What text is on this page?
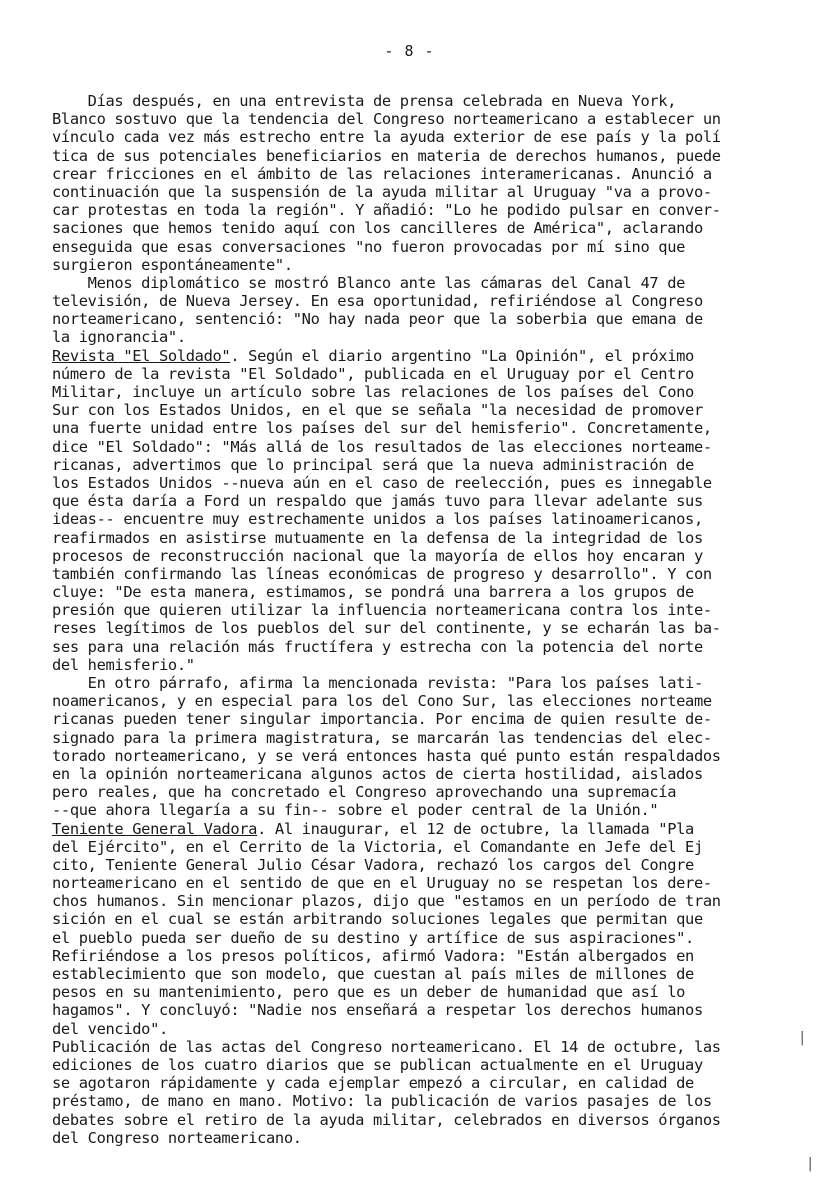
- 8 -
Días después, en una entrevista de prensa celebrada en Nueva York,
Blanco sostuvo que la tendencia del Congreso norteamericano a establecer un
vínculo cada vez más estrecho entre la ayuda exterior de ese país y la polí
tica de sus potenciales beneficiarios en materia de derechos humanos, puede
crear fricciones en el ámbito de las relaciones interamericanas. Anunció a
continuación que la suspensión de la ayuda militar al Uruguay "va a provo-
car protestas en toda la región". Y añadió: "Lo he podido pulsar en conver-
saciones que hemos tenido aquí con los cancilleres de América", aclarando
enseguida que esas conversaciones "no fueron provocadas por mí sino que
surgieron espontáneamente".
Menos diplomático se mostró Blanco ante las cámaras del Canal 47 de
televisión, de Nueva Jersey. En esa oportunidad, refiriéndose al Congreso
norteamericano, sentenció: "No hay nada peor que la soberbia que emana de
la ignorancia".
Revista "El Soldado". Según el diario argentino "La Opinión", el próximo
número de la revista "El Soldado", publicada en el Uruguay por el Centro
Militar, incluye un artículo sobre las relaciones de los países del Cono
Sur con los Estados Unidos, en el que se señala "la necesidad de promover
una fuerte unidad entre los países del sur del hemisferio". Concretamente,
dice "El Soldado": "Más allá de los resultados de las elecciones norteame-
ricanas, advertimos que lo principal será que la nueva administración de
los Estados Unidos --nueva aún en el caso de reelección, pues es innegable
que ésta daría a Ford un respaldo que jamás tuvo para llevar adelante sus
ideas-- encuentre muy estrechamente unidos a los países latinoamericanos,
reafirmados en asistirse mutuamente en la defensa de la integridad de los
procesos de reconstrucción nacional que la mayoría de ellos hoy encaran y
también confirmando las líneas económicas de progreso y desarrollo". Y con
cluye: "De esta manera, estimamos, se pondrá una barrera a los grupos de
presión que quieren utilizar la influencia norteamericana contra los inte-
reses legítimos de los pueblos del sur del continente, y se echarán las ba-
ses para una relación más fructífera y estrecha con la potencia del norte
del hemisferio."
En otro párrafo, afirma la mencionada revista: "Para los países lati-
noamericanos, y en especial para los del Cono Sur, las elecciones norteame
ricanas pueden tener singular importancia. Por encima de quien resulte de-
signado para la primera magistratura, se marcarán las tendencias del elec-
torado norteamericano, y se verá entonces hasta qué punto están respaldados
en la opinión norteamericana algunos actos de cierta hostilidad, aislados
pero reales, que ha concretado el Congreso aprovechando una supremacía
--que ahora llegaría a su fin-- sobre el poder central de la Unión."
Teniente General Vadora. Al inaugurar, el 12 de octubre, la llamada "Pla
del Ejército", en el Cerrito de la Victoria, el Comandante en Jefe del Ej
cito, Teniente General Julio César Vadora, rechazó los cargos del Congre
norteamericano en el sentido de que en el Uruguay no se respetan los dere-
chos humanos. Sin mencionar plazos, dijo que "estamos en un período de tran
sición en el cual se están arbitrando soluciones legales que permitan que
el pueblo pueda ser dueño de su destino y artífice de sus aspiraciones".
Refiriéndose a los presos políticos, afirmó Vadora: "Están albergados en
establecimiento que son modelo, que cuestan al país miles de millones de
pesos en su mantenimiento, pero que es un deber de humanidad que así lo
hagamos". Y concluyó: "Nadie nos enseñará a respetar los derechos humanos
del vencido".
Publicación de las actas del Congreso norteamericano. El 14 de octubre, las
ediciones de los cuatro diarios que se publican actualmente en el Uruguay
se agotaron rápidamente y cada ejemplar empezó a circular, en calidad de
préstamo, de mano en mano. Motivo: la publicación de varios pasajes de los
debates sobre el retiro de la ayuda militar, celebrados en diversos órganos
del Congreso norteamericano.
|
|
